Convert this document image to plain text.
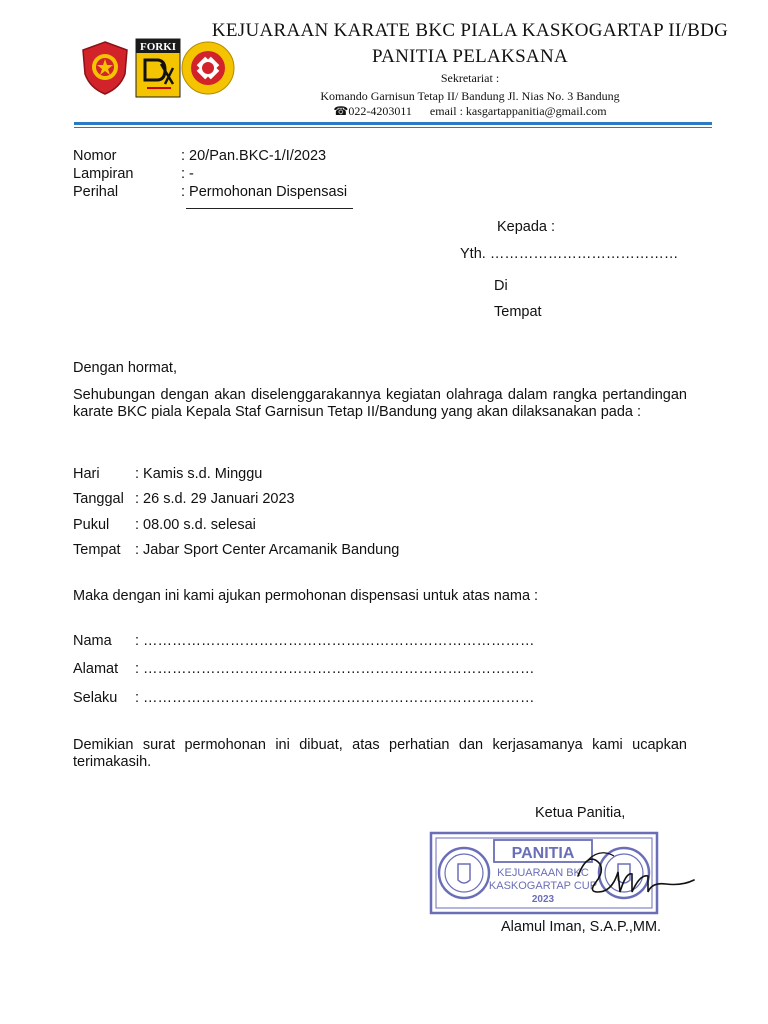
FORKI
KEJUARAAN KARATE BKC PIALA KASKOGARTAP II/BDG
PANITIA PELAKSANA
Sekretariat :
Komando Garnisun Tetap II/ Bandung Jl. Nias No. 3 Bandung
☎022-4203011 email : kasgartappanitia@gmail.com
Nomor	: 20/Pan.BKC-1/I/2023
Lampiran	: -
Perihal	: Permohonan Dispensasi
Kepada :
Yth. …………………………………
Di
Tempat
Dengan hormat,
Sehubungan dengan akan diselenggarakannya kegiatan olahraga dalam rangka pertandingan karate BKC piala Kepala Staf Garnisun Tetap II/Bandung yang akan dilaksanakan pada :
Hari : Kamis s.d. Minggu
Tanggal : 26 s.d. 29 Januari 2023
Pukul : 08.00 s.d. selesai
Tempat : Jabar Sport Center Arcamanik Bandung
Maka dengan ini kami ajukan permohonan dispensasi untuk atas nama :
Nama : ………………………………………………………………………
Alamat : ………………………………………………………………………
Selaku : ………………………………………………………………………
Demikian surat permohonan ini dibuat, atas perhatian dan kerjasamanya kami ucapkan terimakasih.
Ketua Panitia,
PANITIA
KEJUARAAN BKC
KASKOGARTAP CUP
2023
Alamul Iman, S.A.P.,MM.
